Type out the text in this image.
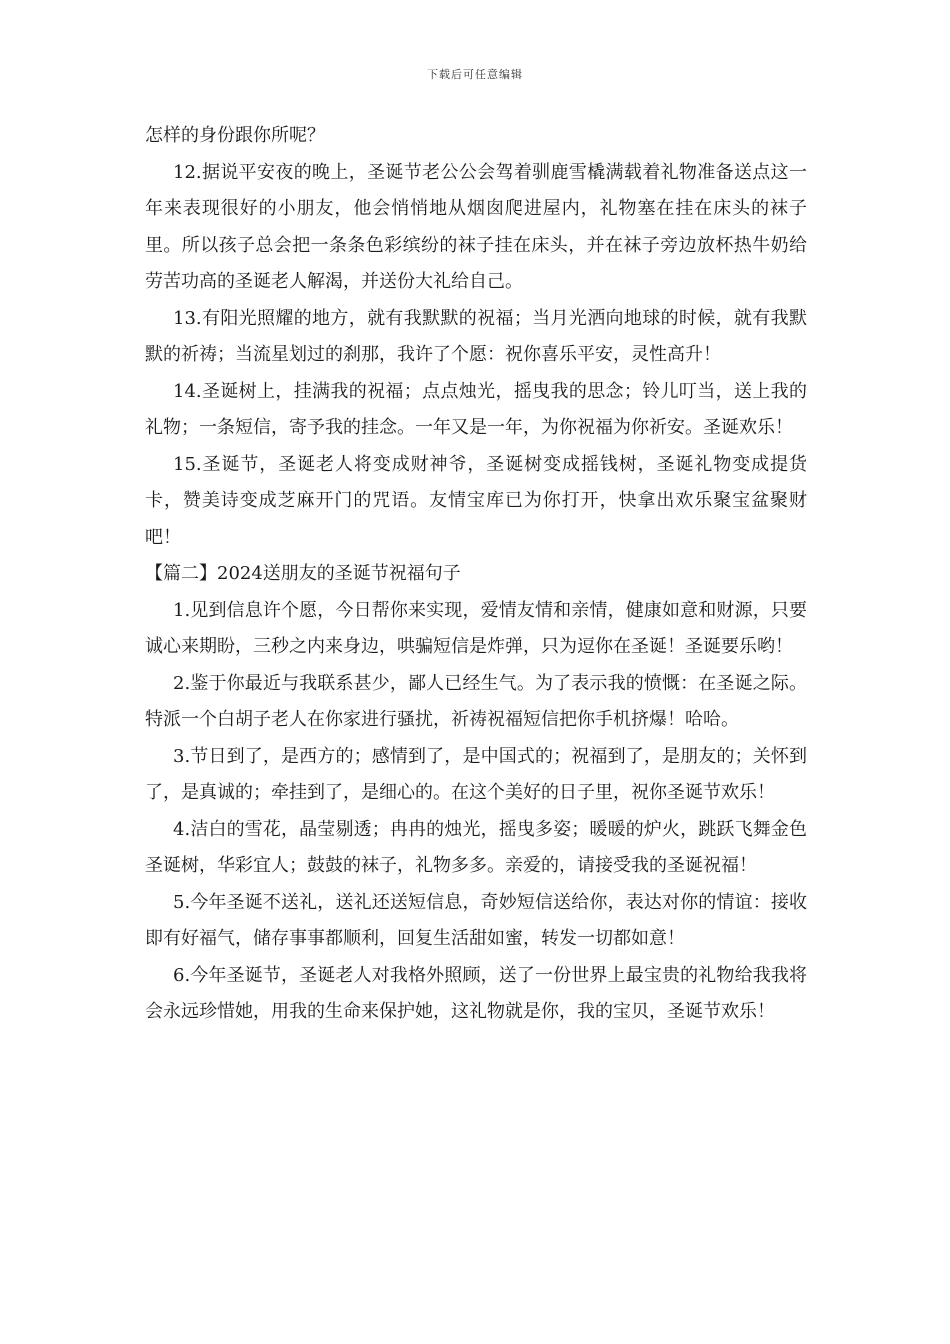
下载后可任意编辑

怎样的身份跟你所呢？

12.据说平安夜的晚上，圣诞节老公公会驾着驯鹿雪橇满载着礼物准备送点这一年来表现很好的小朋友，他会悄悄地从烟囱爬进屋内，礼物塞在挂在床头的袜子里。所以孩子总会把一条条色彩缤纷的袜子挂在床头，并在袜子旁边放杯热牛奶给劳苦功高的圣诞老人解渴，并送份大礼给自己。

13.有阳光照耀的地方，就有我默默的祝福；当月光洒向地球的时候，就有我默默的祈祷；当流星划过的刹那，我许了个愿：祝你喜乐平安，灵性高升！

14.圣诞树上，挂满我的祝福；点点烛光，摇曳我的思念；铃儿叮当，送上我的礼物；一条短信，寄予我的挂念。一年又是一年，为你祝福为你祈安。圣诞欢乐！

15.圣诞节，圣诞老人将变成财神爷，圣诞树变成摇钱树，圣诞礼物变成提货卡，赞美诗变成芝麻开门的咒语。友情宝库已为你打开，快拿出欢乐聚宝盆聚财吧！

【篇二】2024送朋友的圣诞节祝福句子

1.见到信息许个愿，今日帮你来实现，爱情友情和亲情，健康如意和财源，只要诚心来期盼，三秒之内来身边，哄骗短信是炸弹，只为逗你在圣诞！圣诞要乐哟！

2.鉴于你最近与我联系甚少，鄙人已经生气。为了表示我的愤慨：在圣诞之际。特派一个白胡子老人在你家进行骚扰，祈祷祝福短信把你手机挤爆！哈哈。

3.节日到了，是西方的；感情到了，是中国式的；祝福到了，是朋友的；关怀到了，是真诚的；牵挂到了，是细心的。在这个美好的日子里，祝你圣诞节欢乐！

4.洁白的雪花，晶莹剔透；冉冉的烛光，摇曳多姿；暖暖的炉火，跳跃飞舞金色圣诞树，华彩宜人；鼓鼓的袜子，礼物多多。亲爱的，请接受我的圣诞祝福！

5.今年圣诞不送礼，送礼还送短信息，奇妙短信送给你，表达对你的情谊：接收即有好福气，储存事事都顺利，回复生活甜如蜜，转发一切都如意！

6.今年圣诞节，圣诞老人对我格外照顾，送了一份世界上最宝贵的礼物给我我将会永远珍惜她，用我的生命来保护她，这礼物就是你，我的宝贝，圣诞节欢乐！
